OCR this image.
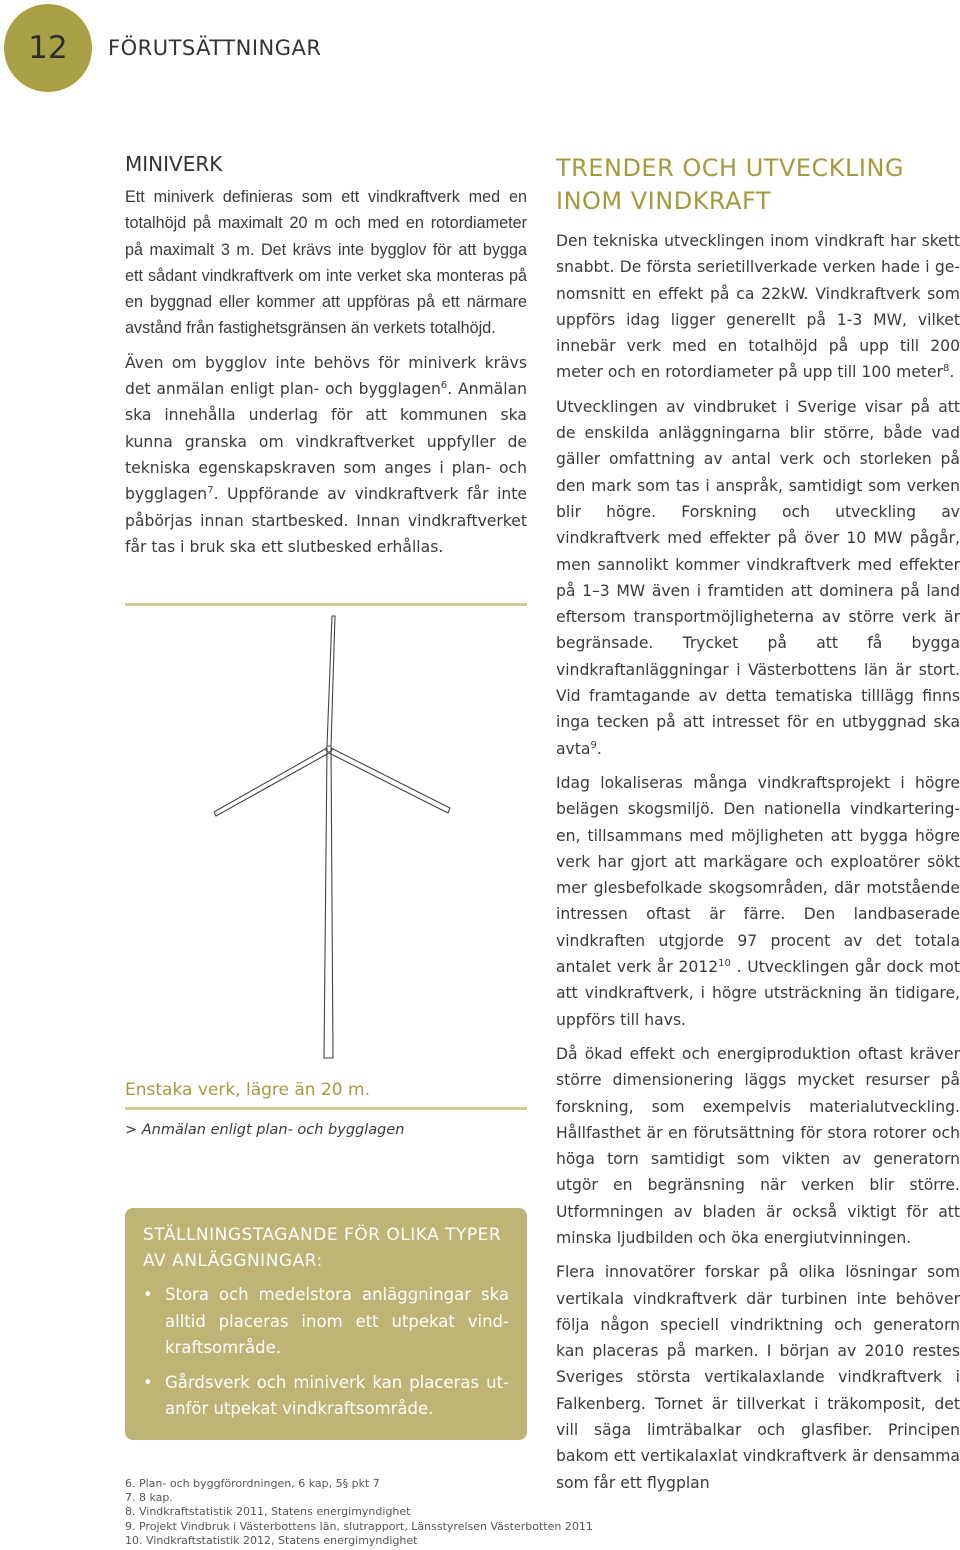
12	FÖRUTSÄTTNINGAR
MINIVERK

Ett miniverk definieras som ett vindkraftverk med en totalhöjd på maximalt 20 m och med en rotordiameter på maximalt 3 m. Det krävs inte bygglov för att bygga ett sådant vindkraftverk om inte verket ska monteras på en byggnad eller kommer att uppföras på ett närmare avstånd från fastighetsgränsen än verkets totalhöjd.

Även om bygglov inte behövs för miniverk krävs det anmälan enligt plan- och bygglagen$^6$. Anmälan ska innehålla underlag för att kommunen ska kunna granska om vindkraftverket uppfyller de tekniska egenskapskraven som anges i plan- och bygglagen$^7$. Uppförande av vindkraftverk får inte påbörjas innan startbesked. Innan vindkraftverket får tas i bruk ska ett slutbesked erhållas.

Enstaka verk, lägre än 20 m.
> Anmälan enligt plan- och bygglagen
STÄLLNINGSTAGANDE FÖR OLIKA TYPER AV ANLÄGGNINGAR:
• Stora och medelstora anläggningar ska alltid placeras inom ett utpekat vindkraftsområde.
• Gårdsverk och miniverk kan placeras utanför utpekat vindkraftsområde.
TRENDER OCH UTVECKLING INOM VINDKRAFT

Den tekniska utvecklingen inom vindkraft har skett snabbt. De första serietillverkade verken hade i genomsnitt en effekt på ca 22kW. Vindkraftverk som uppförs idag ligger generellt på 1-3 MW, vilket innebär verk med en totalhöjd på upp till 200 meter och en rotordiameter på upp till 100 meter$^8$.

Utvecklingen av vindbruket i Sverige visar på att de enskilda anläggningarna blir större, både vad gäller omfattning av antal verk och storleken på den mark som tas i anspråk, samtidigt som verken blir högre. Forskning och utveckling av vindkraftverk med effekter på över 10 MW pågår, men sannolikt kommer vindkraftverk med effekter på 1–3 MW även i framtiden att dominera på land eftersom transportmöjligheterna av större verk är begränsade. Trycket på att få bygga vindkraftanläggningar i Västerbottens län är stort. Vid framtagande av detta tematiska tilllägg finns inga tecken på att intresset för en utbyggnad ska avta$^9$.

Idag lokaliseras många vindkraftsprojekt i högre belägen skogsmiljö. Den nationella vindkarteringen, tillsammans med möjligheten att bygga högre verk har gjort att markägare och exploatörer sökt mer glesbefolkade skogsområden, där motstående intressen oftast är färre. Den landbaserade vindkraften utgjorde 97 procent av det totala antalet verk år 2012$^{10}$ . Utvecklingen går dock mot att vindkraftverk, i högre utsträckning än tidigare, uppförs till havs.

Då ökad effekt och energiproduktion oftast kräver större dimensionering läggs mycket resurser på forskning, som exempelvis materialutveckling. Hållfasthet är en förutsättning för stora rotorer och höga torn samtidigt som vikten av generatorn utgör en begränsning när verken blir större. Utformningen av bladen är också viktigt för att minska ljudbilden och öka energiutvinningen.

Flera innovatörer forskar på olika lösningar som vertikala vindkraftverk där turbinen inte behöver följa någon speciell vindriktning och generatorn kan placeras på marken. I början av 2010 restes Sveriges största vertikalaxlande vindkraftverk i Falkenberg. Tornet är tillverkat i träkomposit, det vill säga limträbalkar och glasfiber. Principen bakom ett vertikalaxlat vindkraftverk är densamma som får ett flygplan

6. Plan- och byggförordningen, 6 kap, 5§ pkt 7
7. 8 kap.
8. Vindkraftstatistik 2011, Statens energimyndighet
9. Projekt Vindbruk i Västerbottens län, slutrapport, Länsstyrelsen Västerbotten 2011
10. Vindkraftstatistik 2012, Statens energimyndighet
